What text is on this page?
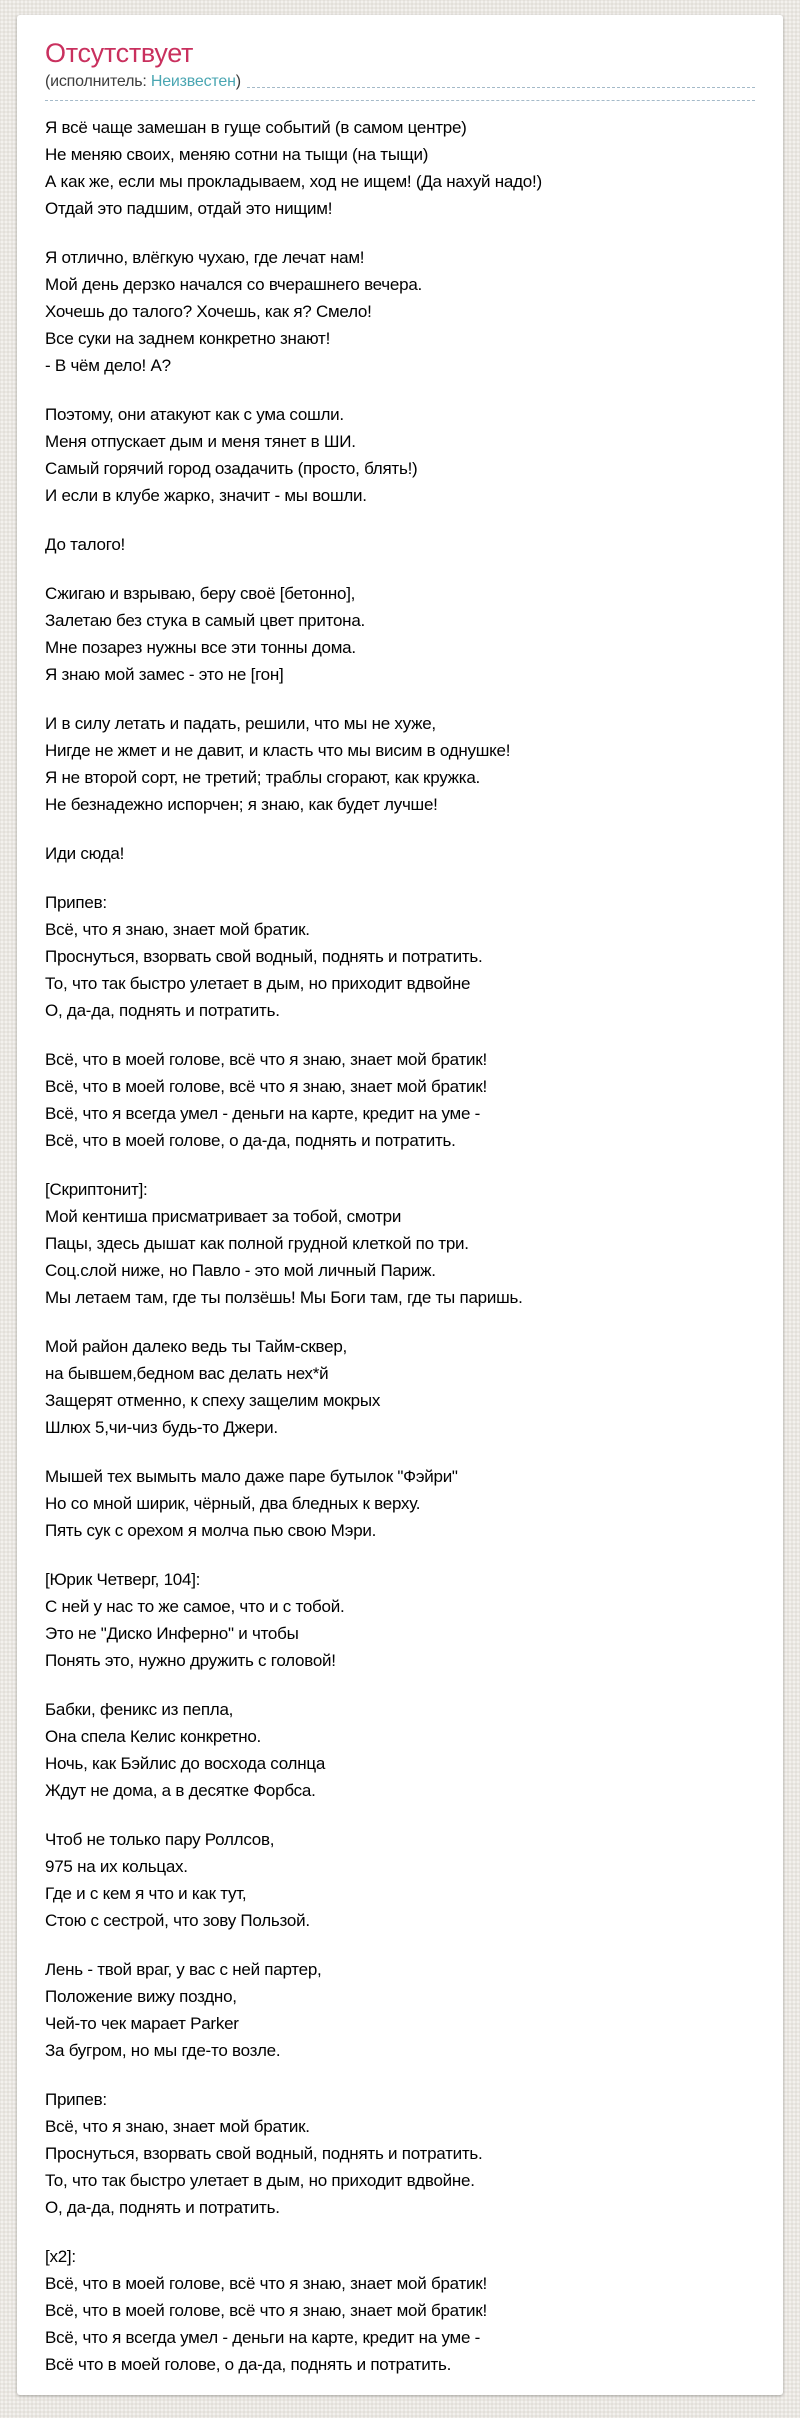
Отсутствует
(исполнитель: Неизвестен )

Я всё чаще замешан в гуще событий (в самом центре)
Не меняю своих, меняю сотни на тыщи (на тыщи)
А как же, если мы прокладываем, ход не ищем! (Да нахуй надо!)
Отдай это падшим, отдай это нищим!

Я отлично, влёгкую чухаю, где лечат нам!
Мой день дерзко начался со вчерашнего вечера.
Хочешь до талого? Хочешь, как я? Смело!
Все суки на заднем конкретно знают!
- В чём дело! А?

Поэтому, они атакуют как с ума сошли.
Меня отпускает дым и меня тянет в ШИ.
Самый горячий город озадачить (просто, блять!)
И если в клубе жарко, значит - мы вошли.

До талого!

Сжигаю и взрываю, беру своё [бетонно],
Залетаю без стука в самый цвет притона.
Мне позарез нужны все эти тонны дома.
Я знаю мой замес - это не [гон]

И в силу летать и падать, решили, что мы не хуже,
Нигде не жмет и не давит, и класть что мы висим в однушке!
Я не второй сорт, не третий; траблы сгорают, как кружка.
Не безнадежно испорчен; я знаю, как будет лучше!

Иди сюда!

Припев:
Всё, что я знаю, знает мой братик.
Проснуться, взорвать свой водный, поднять и потратить.
То, что так быстро улетает в дым, но приходит вдвойне
О, да-да, поднять и потратить.

Всё, что в моей голове, всё что я знаю, знает мой братик!
Всё, что в моей голове, всё что я знаю, знает мой братик!
Всё, что я всегда умел - деньги на карте, кредит на уме -
Всё, что в моей голове, о да-да, поднять и потратить.

[Скриптонит]:
Мой кентиша присматривает за тобой, смотри
Пацы, здесь дышат как полной грудной клеткой по три.
Соц.слой ниже, но Павло - это мой личный Париж.
Мы летаем там, где ты ползёшь! Мы Боги там, где ты паришь.

Мой район далеко ведь ты Тайм-сквер,
на бывшем,бедном вас делать нех*й
Защерят отменно, к спеху защелим мокрых
Шлюх 5,чи-чиз будь-то Джери.

Мышей тех вымыть мало даже паре бутылок "Фэйри"
Но со мной ширик, чёрный, два бледных к верху.
Пять сук с орехом я молча пью свою Мэри.

[Юрик Четверг, 104]:
С ней у нас то же самое, что и с тобой.
Это не "Диско Инферно" и чтобы
Понять это, нужно дружить с головой!

Бабки, феникс из пепла,
Она спела Келис конкретно.
Ночь, как Бэйлис до восхода солнца
Ждут не дома, а в десятке Форбса.

Чтоб не только пару Роллсов,
975 на их кольцах.
Где и с кем я что и как тут,
Стою с сестрой, что зову Пользой.

Лень - твой враг, у вас с ней партер,
Положение вижу поздно,
Чей-то чек марает Parker
За бугром, но мы где-то возле.

Припев:
Всё, что я знаю, знает мой братик.
Проснуться, взорвать свой водный, поднять и потратить.
То, что так быстро улетает в дым, но приходит вдвойне.
О, да-да, поднять и потратить.

[x2]:
Всё, что в моей голове, всё что я знаю, знает мой братик!
Всё, что в моей голове, всё что я знаю, знает мой братик!
Всё, что я всегда умел - деньги на карте, кредит на уме -
Всё что в моей голове, о да-да, поднять и потратить.
